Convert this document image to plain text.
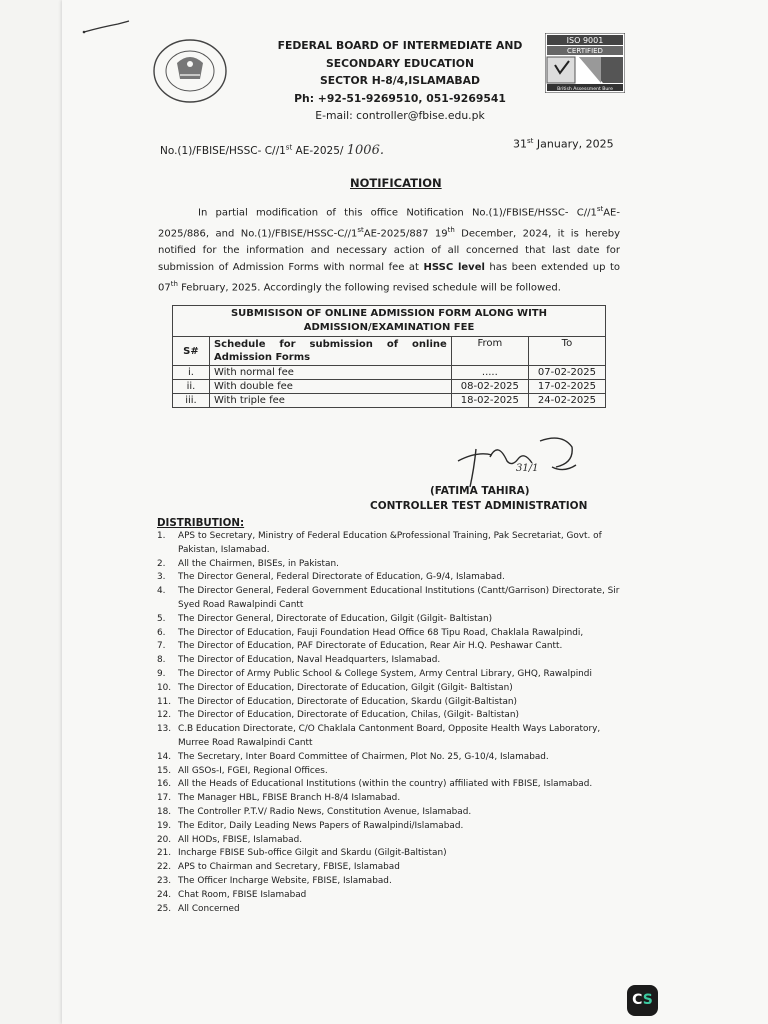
FEDERAL BOARD OF INTERMEDIATE AND
SECONDARY EDUCATION
SECTOR H-8/4,ISLAMABAD
Ph: +92-51-9269510, 051-9269541
E-mail: controller@fbise.edu.pk
ISO 9001
CERTIFIED
British Assessment Bure
No.(1)/FBISE/HSSC- C//1st AE-2025/ 1006.	31st January, 2025
NOTIFICATION
In partial modification of this office Notification No.(1)/FBISE/HSSC- C//1stAE-2025/886, and No.(1)/FBISE/HSSC-C//1stAE-2025/887 19th December, 2024, it is hereby notified for the information and necessary action of all concerned that last date for submission of Admission Forms with normal fee at HSSC level has been extended up to 07th February, 2025. Accordingly the following revised schedule will be followed.
SUBMISISON OF ONLINE ADMISSION FORM ALONG WITH ADMISSION/EXAMINATION FEE			
S#	Schedule for submission of online Admission Forms	From	To
i.	With normal fee	.....	07-02-2025
ii.	With double fee	08-02-2025	17-02-2025
iii.	With triple fee	18-02-2025	24-02-2025
31/1
(FATIMA TAHIRA)
CONTROLLER TEST ADMINISTRATION
DISTRIBUTION:
1. APS to Secretary, Ministry of Federal Education &Professional Training, Pak Secretariat, Govt. of Pakistan, Islamabad.
2. All the Chairmen, BISEs, in Pakistan.
3. The Director General, Federal Directorate of Education, G-9/4, Islamabad.
4. The Director General, Federal Government Educational Institutions (Cantt/Garrison) Directorate, Sir Syed Road Rawalpindi Cantt
5. The Director General, Directorate of Education, Gilgit (Gilgit- Baltistan)
6. The Director of Education, Fauji Foundation Head Office 68 Tipu Road, Chaklala Rawalpindi,
7. The Director of Education, PAF Directorate of Education, Rear Air H.Q. Peshawar Cantt.
8. The Director of Education, Naval Headquarters, Islamabad.
9. The Director of Army Public School & College System, Army Central Library, GHQ, Rawalpindi
10. The Director of Education, Directorate of Education, Gilgit (Gilgit- Baltistan)
11. The Director of Education, Directorate of Education, Skardu (Gilgit-Baltistan)
12. The Director of Education, Directorate of Education, Chilas, (Gilgit- Baltistan)
13. C.B Education Directorate, C/O Chaklala Cantonment Board, Opposite Health Ways Laboratory, Murree Road Rawalpindi Cantt
14. The Secretary, Inter Board Committee of Chairmen, Plot No. 25, G-10/4, Islamabad.
15. All GSOs-I, FGEI, Regional Offices.
16. All the Heads of Educational Institutions (within the country) affiliated with FBISE, Islamabad.
17. The Manager HBL, FBISE Branch H-8/4 Islamabad.
18. The Controller P.T.V/ Radio News, Constitution Avenue, Islamabad.
19. The Editor, Daily Leading News Papers of Rawalpindi/Islamabad.
20. All HODs, FBISE, Islamabad.
21. Incharge FBISE Sub-office Gilgit and Skardu (Gilgit-Baltistan)
22. APS to Chairman and Secretary, FBISE, Islamabad
23. The Officer Incharge Website, FBISE, Islamabad.
24. Chat Room, FBISE Islamabad
25. All Concerned
CS
